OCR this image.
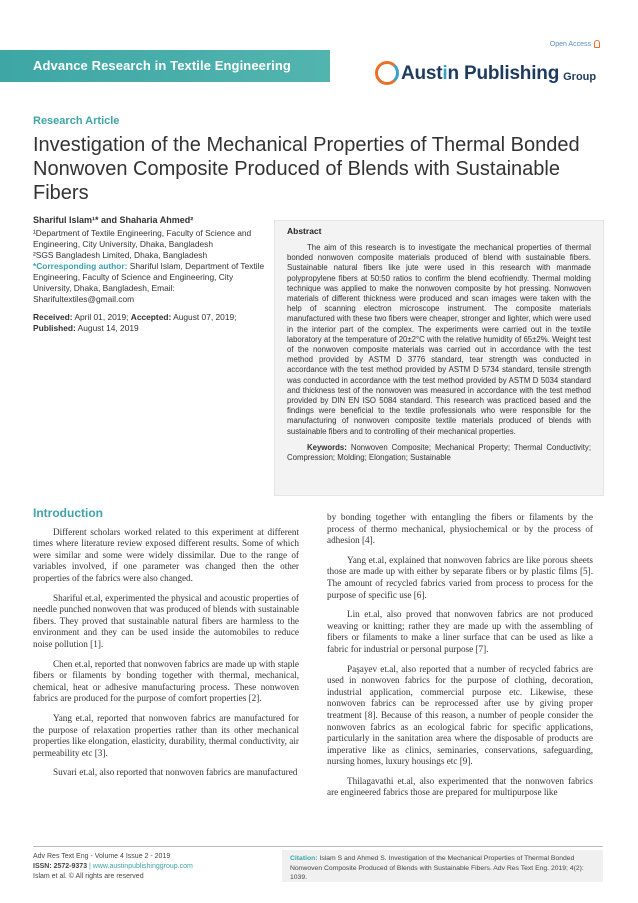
Open Access
Advance Research in Textile Engineering	Austin Publishing Group
Research Article
Investigation of the Mechanical Properties of Thermal Bonded Nonwoven Composite Produced of Blends with Sustainable Fibers
Shariful Islam¹* and Shaharia Ahmed²

¹Department of Textile Engineering, Faculty of Science and Engineering, City University, Dhaka, Bangladesh

²SGS Bangladesh Limited, Dhaka, Bangladesh

*Corresponding author: Shariful Islam, Department of Textile Engineering, Faculty of Science and Engineering, City University, Dhaka, Bangladesh, Email: Sharifultextiles@gmail.com

Received: April 01, 2019; Accepted: August 07, 2019; Published: August 14, 2019

Abstract

The aim of this research is to investigate the mechanical properties of thermal bonded nonwoven composite materials produced of blend with sustainable fibers. Sustainable natural fibers like jute were used in this research with manmade polypropylene fibers at 50:50 ratios to confirm the blend ecofriendly. Thermal molding technique was applied to make the nonwoven composite by hot pressing. Nonwoven materials of different thickness were produced and scan images were taken with the help of scanning electron microscope instrument. The composite materials manufactured with these two fibers were cheaper, stronger and lighter, which were used in the interior part of the complex. The experiments were carried out in the textile laboratory at the temperature of 20±2°C with the relative humidity of 65±2%. Weight test of the nonwoven composite materials was carried out in accordance with the test method provided by ASTM D 3776 standard, tear strength was conducted in accordance with the test method provided by ASTM D 5734 standard, tensile strength was conducted in accordance with the test method provided by ASTM D 5034 standard and thickness test of the nonwoven was measured in accordance with the test method provided by DIN EN ISO 5084 standard. This research was practiced based and the findings were beneficial to the textile professionals who were responsible for the manufacturing of nonwoven composite textile materials produced of blends with sustainable fibers and to controlling of their mechanical properties.

Keywords: Nonwoven Composite; Mechanical Property; Thermal Conductivity; Compression; Molding; Elongation; Sustainable

Introduction

Different scholars worked related to this experiment at different times where literature review exposed different results. Some of which were similar and some were widely dissimilar. Due to the range of variables involved, if one parameter was changed then the other properties of the fabrics were also changed.

Shariful et.al, experimented the physical and acoustic properties of needle punched nonwoven that was produced of blends with sustainable fibers. They proved that sustainable natural fibers are harmless to the environment and they can be used inside the automobiles to reduce noise pollution [1].

Chen et.al, reported that nonwoven fabrics are made up with staple fibers or filaments by bonding together with thermal, mechanical, chemical, heat or adhesive manufacturing process. These nonwoven fabrics are produced for the purpose of comfort properties [2].

Yang et.al, reported that nonwoven fabrics are manufactured for the purpose of relaxation properties rather than its other mechanical properties like elongation, elasticity, durability, thermal conductivity, air permeability etc [3].

Suvari et.al, also reported that nonwoven fabrics are manufactured

by bonding together with entangling the fibers or filaments by the process of thermo mechanical, physiochemical or by the process of adhesion [4].

Yang et.al, explained that nonwoven fabrics are like porous sheets those are made up with either by separate fibers or by plastic films [5]. The amount of recycled fabrics varied from process to process for the purpose of specific use [6].

Lin et.al, also proved that nonwoven fabrics are not produced weaving or knitting; rather they are made up with the assembling of fibers or filaments to make a liner surface that can be used as like a fabric for industrial or personal purpose [7].

Paşayev et.al, also reported that a number of recycled fabrics are used in nonwoven fabrics for the purpose of clothing, decoration, industrial application, commercial purpose etc. Likewise, these nonwoven fabrics can be reprocessed after use by giving proper treatment [8]. Because of this reason, a number of people consider the nonwoven fabrics as an ecological fabric for specific applications, particularly in the sanitation area where the disposable of products are imperative like as clinics, seminaries, conservations, safeguarding, nursing homes, luxury housings etc [9].

Thilagavathi et.al, also experimented that the nonwoven fabrics are engineered fabrics those are prepared for multipurpose like

Adv Res Text Eng - Volume 4 Issue 2 - 2019
ISSN: 2572-9373 | www.austinpublishinggroup.com
Islam et al. © All rights are reserved
Citation: Islam S and Ahmed S. Investigation of the Mechanical Properties of Thermal Bonded Nonwoven Composite Produced of Blends with Sustainable Fibers. Adv Res Text Eng. 2019; 4(2): 1039.
